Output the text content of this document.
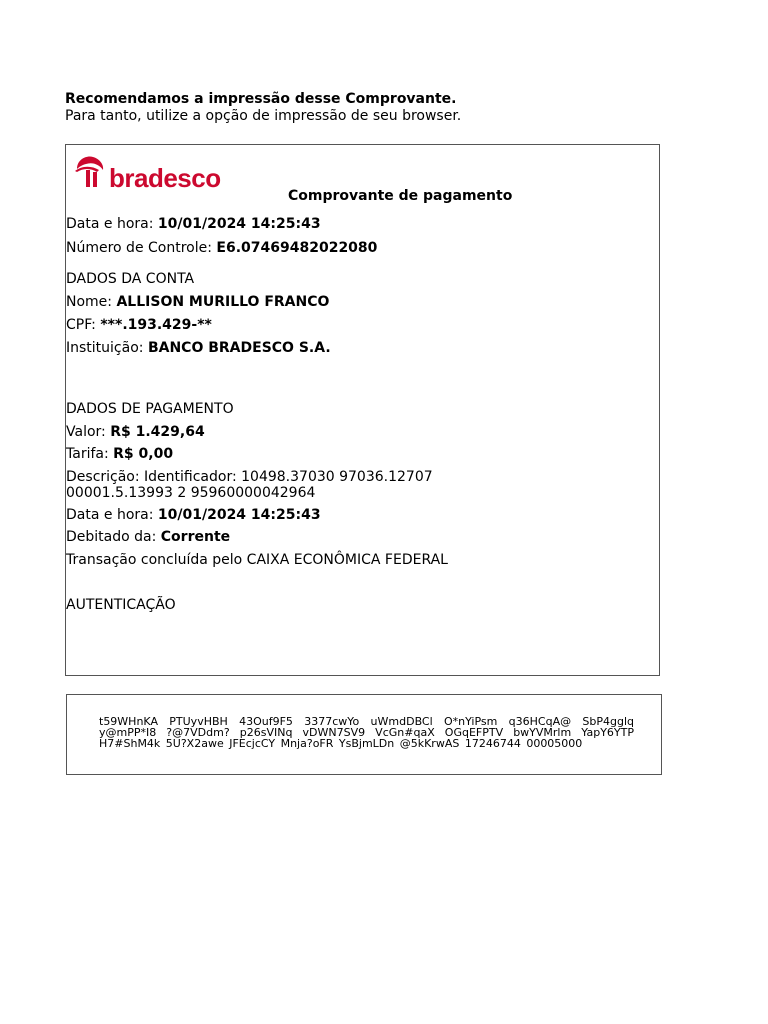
Recomendamos a impressão desse Comprovante.
Para tanto, utilize a opção de impressão de seu browser.
bradesco
Comprovante de pagamento
Data e hora: 10/01/2024 14:25:43
Número de Controle: E6.07469482022080
DADOS DA CONTA
Nome: ALLISON MURILLO FRANCO
CPF: ***.193.429-**
Instituição: BANCO BRADESCO S.A.
DADOS DE PAGAMENTO
Valor: R$ 1.429,64
Tarifa: R$ 0,00
Descrição: Identificador: 10498.37030 97036.12707 00001.5.13993 2 95960000042964
Data e hora: 10/01/2024 14:25:43
Debitado da: Corrente
Transação concluída pelo CAIXA ECONÔMICA FEDERAL
AUTENTICAÇÃO
t59WHnKA PTUyvHBH 43Ouf9F5 3377cwYo uWmdDBCl O*nYiPsm q36HCqA@ SbP4gglq y@mPP*I8 ?@7VDdm? p26sVINq vDWN7SV9 VcGn#qaX OGqEFPTV bwYVMrlm YapY6YTP H7#ShM4k 5U?X2awe JFEcjcCY Mnja?oFR YsBjmLDn @5kKrwAS 17246744 00005000
